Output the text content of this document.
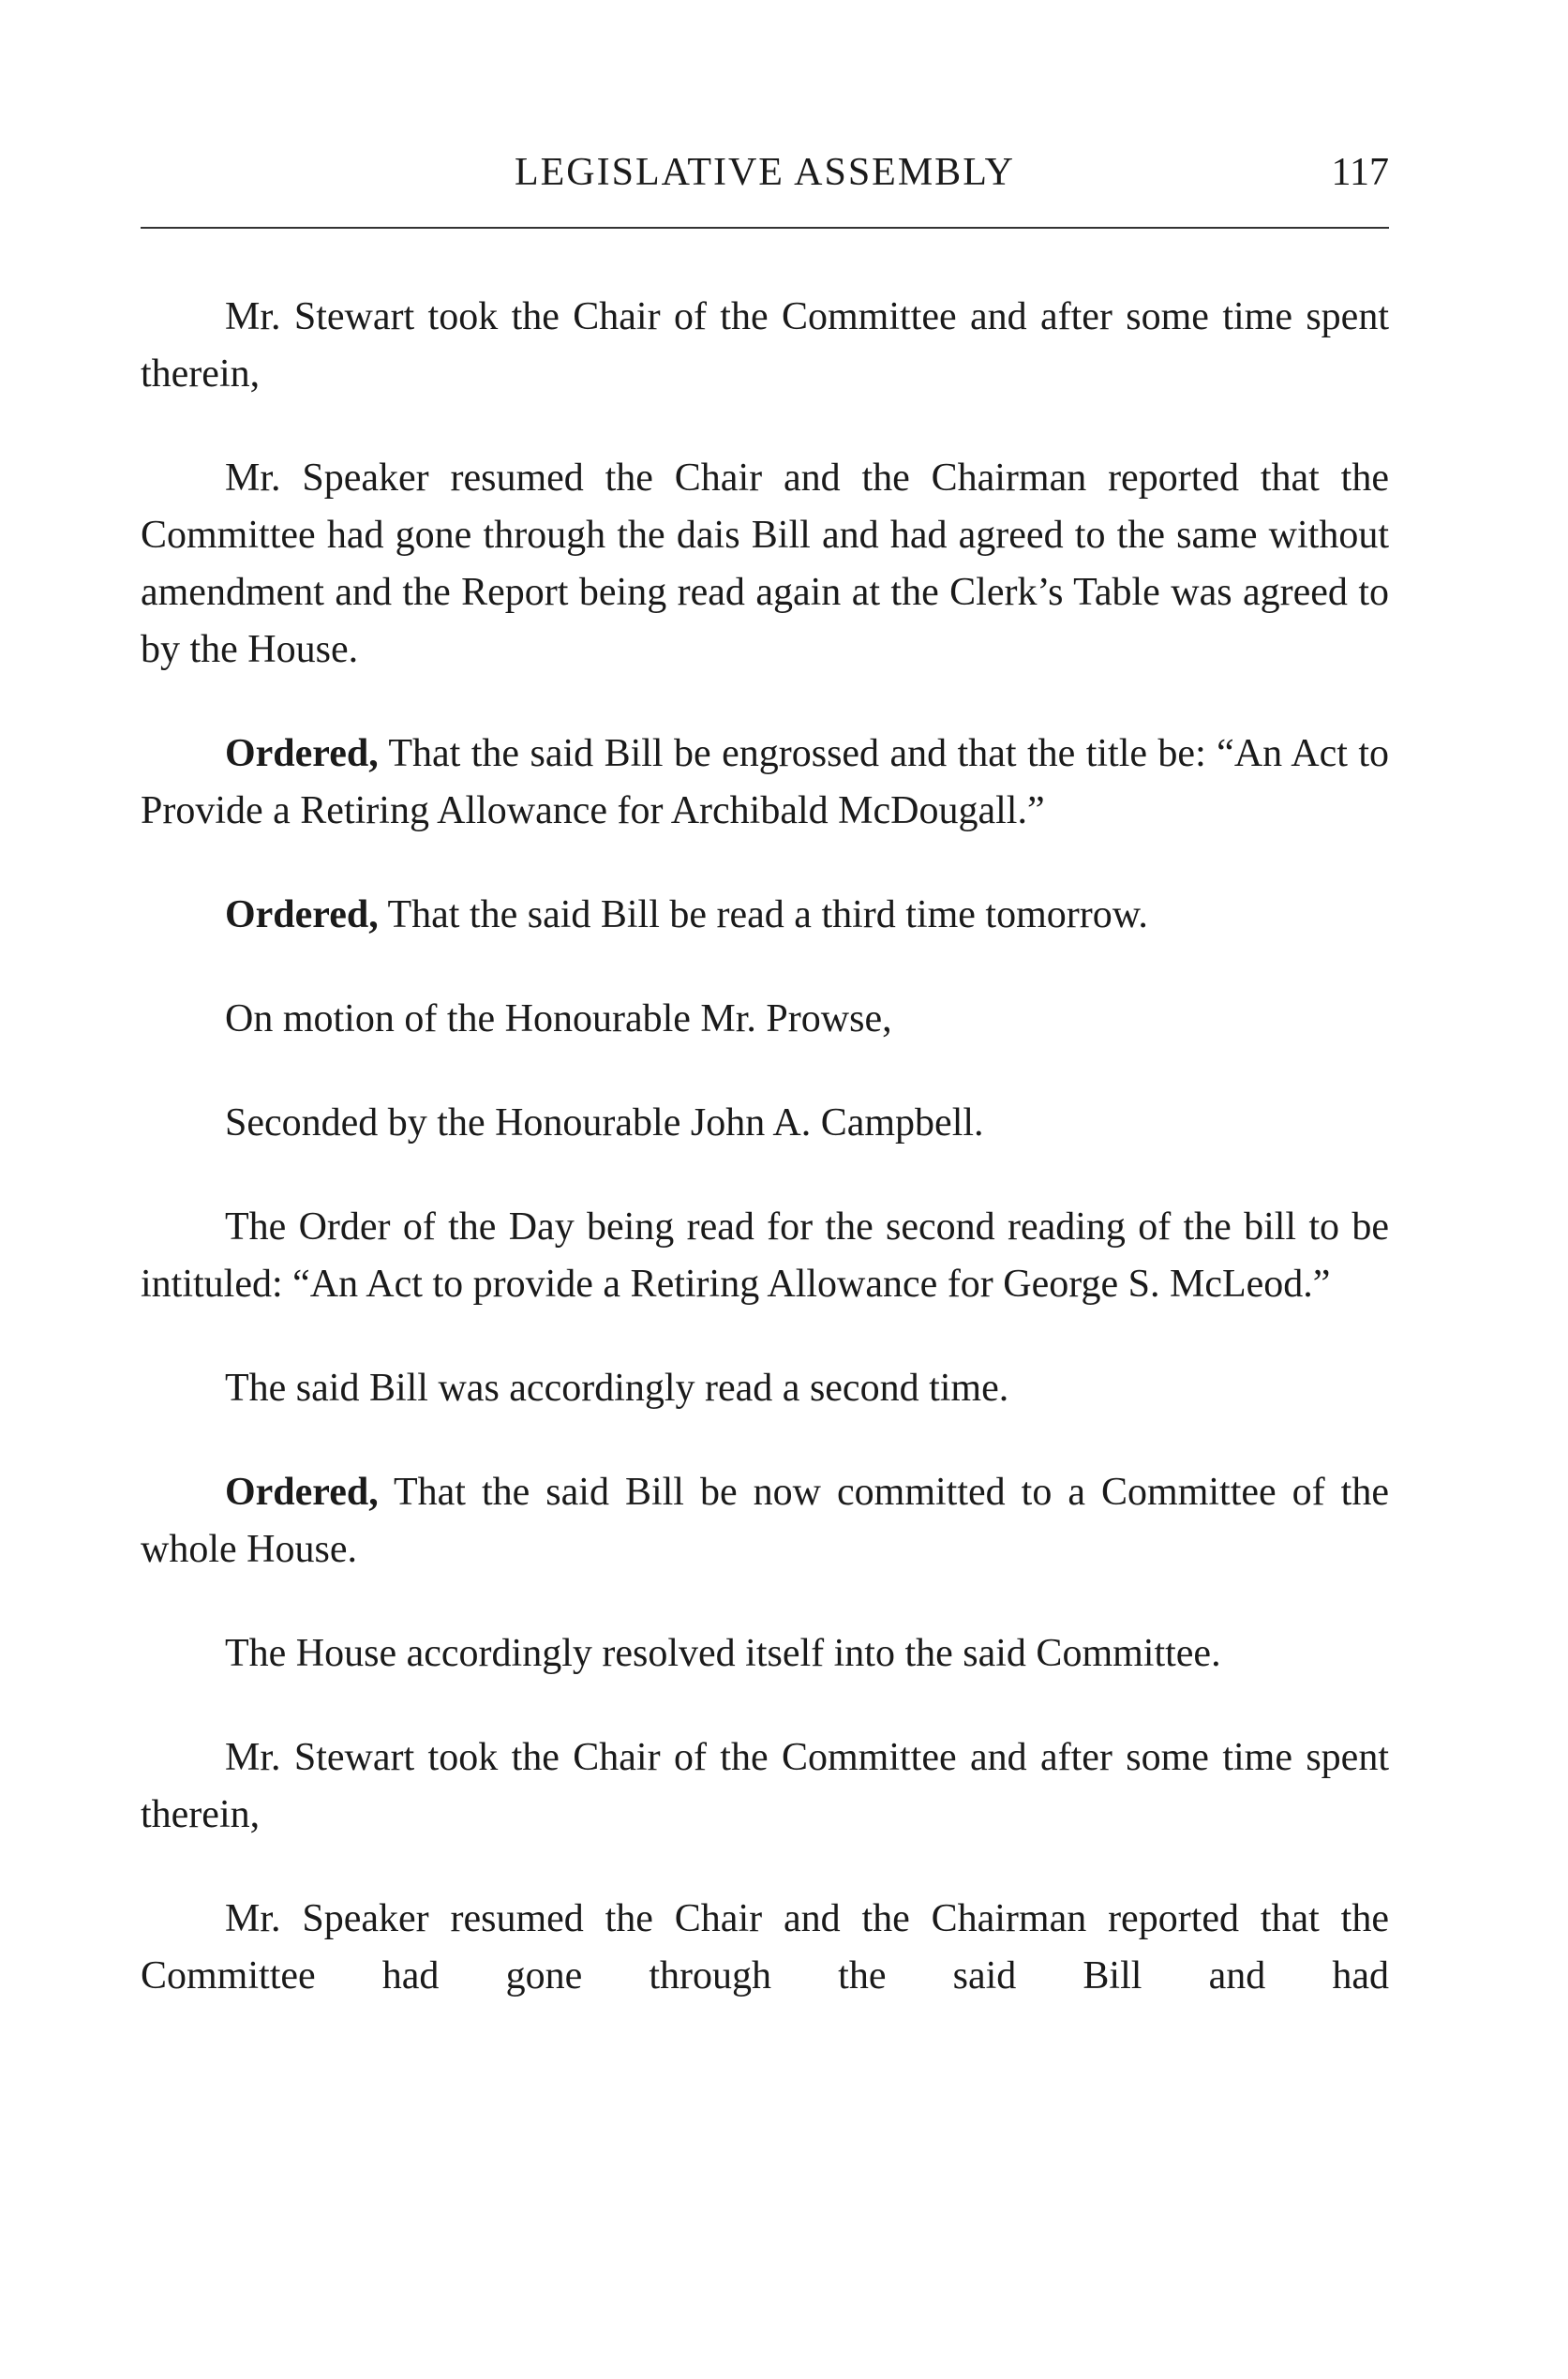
LEGISLATIVE ASSEMBLY	117

Mr. Stewart took the Chair of the Committee and after some time spent therein,

Mr. Speaker resumed the Chair and the Chairman reported that the Committee had gone through the dais Bill and had agreed to the same without amendment and the Report being read again at the Clerk’s Table was agreed to by the House.

Ordered, That the said Bill be engrossed and that the title be: “An Act to Provide a Retiring Allowance for Archibald McDougall.”

Ordered, That the said Bill be read a third time tomorrow.

On motion of the Honourable Mr. Prowse,

Seconded by the Honourable John A. Campbell.

The Order of the Day being read for the second reading of the bill to be intituled: “An Act to provide a Retiring Allowance for George S. McLeod.”

The said Bill was accordingly read a second time.

Ordered, That the said Bill be now committed to a Committee of the whole House.

The House accordingly resolved itself into the said Committee.

Mr. Stewart took the Chair of the Committee and after some time spent therein,

Mr. Speaker resumed the Chair and the Chairman reported that the Committee had gone through the said Bill and had
